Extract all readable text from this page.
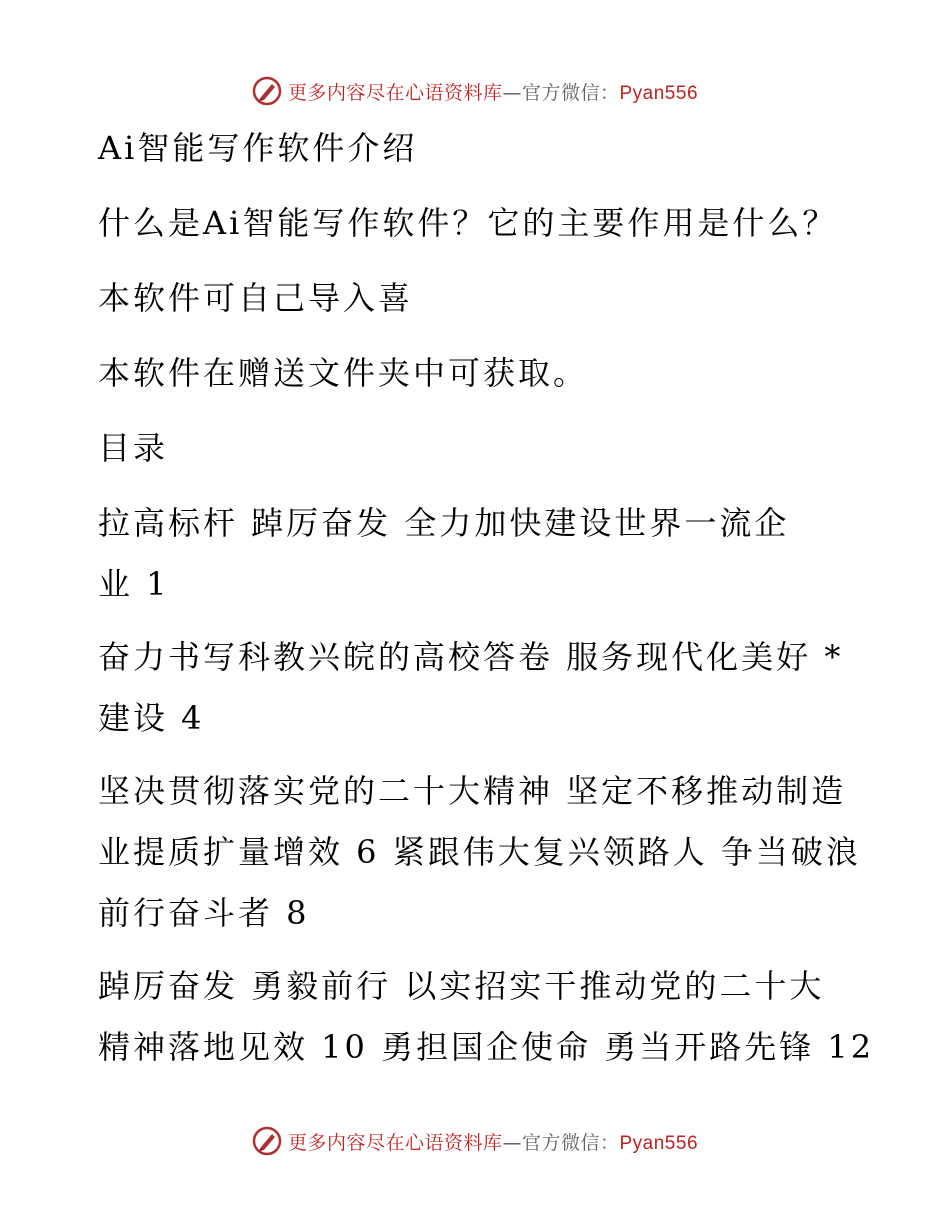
更多内容尽在心语资料库—官方微信：Pyan556
Ai智能写作软件介绍
什么是Ai智能写作软件？它的主要作用是什么？
本软件可自己导入喜
本软件在赠送文件夹中可获取。
目录
拉高标杆 踔厉奋发 全力加快建设世界一流企
业 1
奋力书写科教兴皖的高校答卷 服务现代化美好 *
建设 4
坚决贯彻落实党的二十大精神 坚定不移推动制造
业提质扩量增效 6 紧跟伟大复兴领路人 争当破浪
前行奋斗者 8
踔厉奋发 勇毅前行 以实招实干推动党的二十大
精神落地见效 10 勇担国企使命 勇当开路先锋 12
更多内容尽在心语资料库—官方微信：Pyan556
